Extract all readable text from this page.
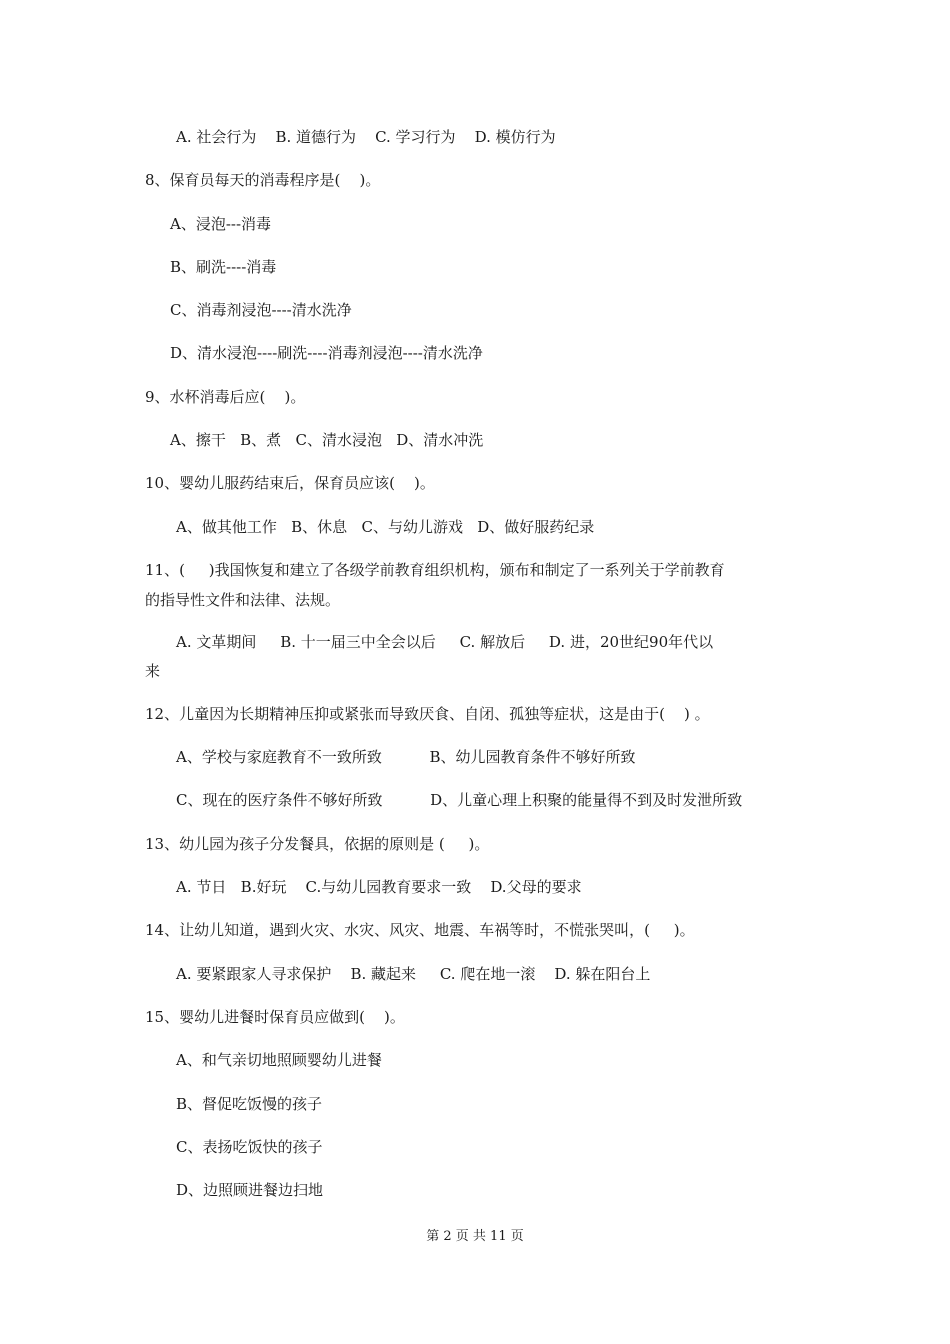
A. 社会行为    B. 道德行为    C. 学习行为    D. 模仿行为
8、保育员每天的消毒程序是(    )。
A、浸泡---消毒
B、刷洗----消毒
C、消毒剂浸泡----清水洗净
D、清水浸泡----刷洗----消毒剂浸泡----清水洗净
9、水杯消毒后应(    )。
A、擦干   B、煮   C、清水浸泡   D、清水冲洗
10、婴幼儿服药结束后，保育员应该(    )。
A、做其他工作   B、休息   C、与幼儿游戏   D、做好服药纪录
11、(     )我国恢复和建立了各级学前教育组织机构，颁布和制定了一系列关于学前教育
的指导性文件和法律、法规。
A. 文革期间     B. 十一届三中全会以后     C. 解放后     D. 进，20世纪90年代以
来
12、儿童因为长期精神压抑或紧张而导致厌食、自闭、孤独等症状，这是由于(    ) 。
A、学校与家庭教育不一致所致          B、幼儿园教育条件不够好所致
C、现在的医疗条件不够好所致          D、儿童心理上积聚的能量得不到及时发泄所致
13、幼儿园为孩子分发餐具，依据的原则是 (     )。
A. 节日   B.好玩    C.与幼儿园教育要求一致    D.父母的要求
14、让幼儿知道，遇到火灾、水灾、风灾、地震、车祸等时，不慌张哭叫，(     )。
A. 要紧跟家人寻求保护    B. 藏起来     C. 爬在地一滚    D. 躲在阳台上
15、婴幼儿进餐时保育员应做到(    )。
A、和气亲切地照顾婴幼儿进餐
B、督促吃饭慢的孩子
C、表扬吃饭快的孩子
D、边照顾进餐边扫地
第 2 页 共 11 页
